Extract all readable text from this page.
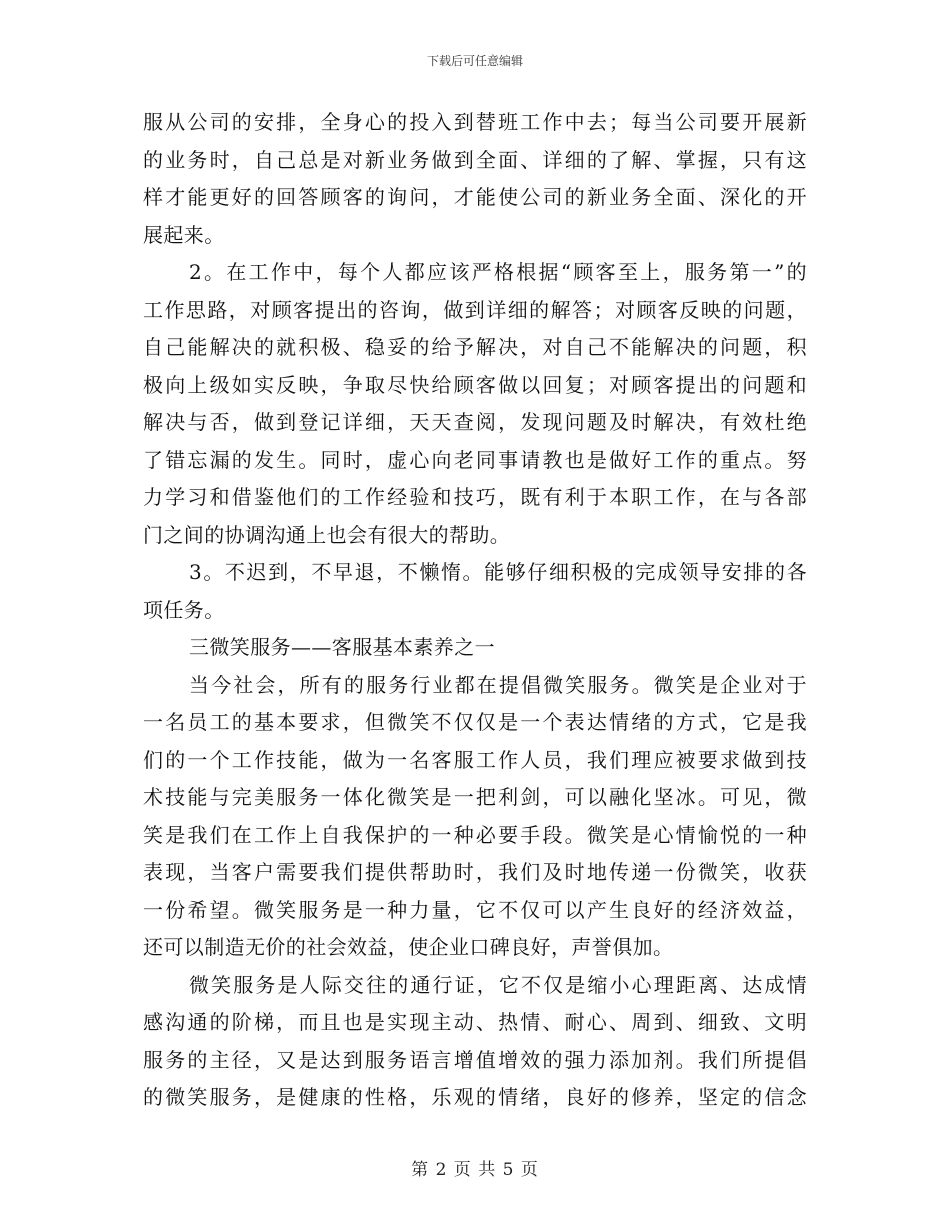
下载后可任意编辑
服从公司的安排，全身心的投入到替班工作中去；每当公司要开展新
的业务时，自己总是对新业务做到全面、详细的了解、掌握，只有这
样才能更好的回答顾客的询问，才能使公司的新业务全面、深化的开
展起来。
2。在工作中，每个人都应该严格根据“顾客至上，服务第一”的
工作思路，对顾客提出的咨询，做到详细的解答；对顾客反映的问题，
自己能解决的就积极、稳妥的给予解决，对自己不能解决的问题，积
极向上级如实反映，争取尽快给顾客做以回复；对顾客提出的问题和
解决与否，做到登记详细，天天查阅，发现问题及时解决，有效杜绝
了错忘漏的发生。同时，虚心向老同事请教也是做好工作的重点。努
力学习和借鉴他们的工作经验和技巧，既有利于本职工作，在与各部
门之间的协调沟通上也会有很大的帮助。
3。不迟到，不早退，不懒惰。能够仔细积极的完成领导安排的各
项任务。
三微笑服务——客服基本素养之一
当今社会，所有的服务行业都在提倡微笑服务。微笑是企业对于
一名员工的基本要求，但微笑不仅仅是一个表达情绪的方式，它是我
们的一个工作技能，做为一名客服工作人员，我们理应被要求做到技
术技能与完美服务一体化微笑是一把利剑，可以融化坚冰。可见，微
笑是我们在工作上自我保护的一种必要手段。微笑是心情愉悦的一种
表现，当客户需要我们提供帮助时，我们及时地传递一份微笑，收获
一份希望。微笑服务是一种力量，它不仅可以产生良好的经济效益，
还可以制造无价的社会效益，使企业口碑良好，声誉俱加。
微笑服务是人际交往的通行证，它不仅是缩小心理距离、达成情
感沟通的阶梯，而且也是实现主动、热情、耐心、周到、细致、文明
服务的主径，又是达到服务语言增值增效的强力添加剂。我们所提倡
的微笑服务，是健康的性格，乐观的情绪，良好的修养，坚定的信念
第 2 页 共 5 页
